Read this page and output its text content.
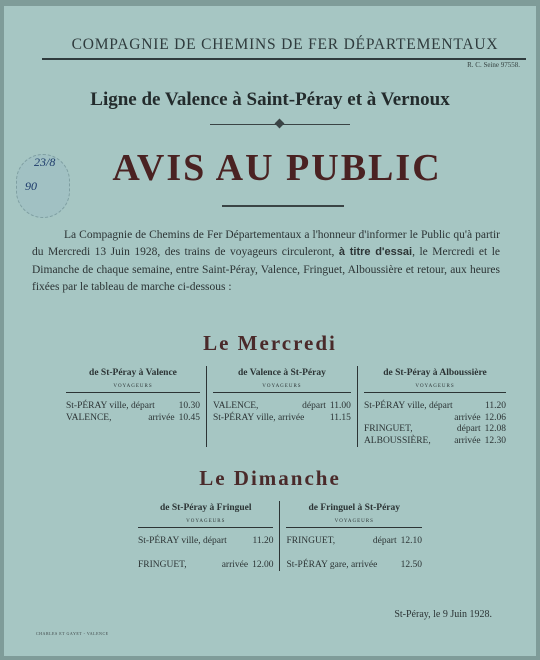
COMPAGNIE DE CHEMINS DE FER DÉPARTEMENTAUX
R. C. Seine 97558.
Ligne de Valence à Saint-Péray et à Vernoux
23/8
90	AVIS AU PUBLIC
La Compagnie de Chemins de Fer Départementaux a l'honneur d'informer le Public qu'à partir du Mercredi 13 Juin 1928, des trains de voyageurs circuleront, à titre d'essai, le Mercredi et le Dimanche de chaque semaine, entre Saint-Péray, Valence, Fringuet, Alboussière et retour, aux heures fixées par le tableau de marche ci-dessous :
Le Mercredi
de St-Péray à Valence
VOYAGEURS
St-PÉRAY ville, départ	10.30
VALENCE,	arrivée 10.45

de Valence à St-Péray
VOYAGEURS
VALENCE,	départ 11.00
St-PÉRAY ville, arrivée	11.15

de St-Péray à Alboussière
VOYAGEURS
St-PÉRAY ville, départ	11.20
arrivée 12.06
FRINGUET,	départ 12.08
ALBOUSSIÈRE,	arrivée 12.30
Le Dimanche
de St-Péray à Fringuel
VOYAGEURS
St-PÉRAY ville, départ	11.20
FRINGUET,	arrivée 12.00

de Fringuel à St-Péray
VOYAGEURS
FRINGUET,	départ 12.10
St-PÉRAY gare, arrivée	12.50
St-Péray, le 9 Juin 1928.
CHARLES ET GAYET - VALENCE
